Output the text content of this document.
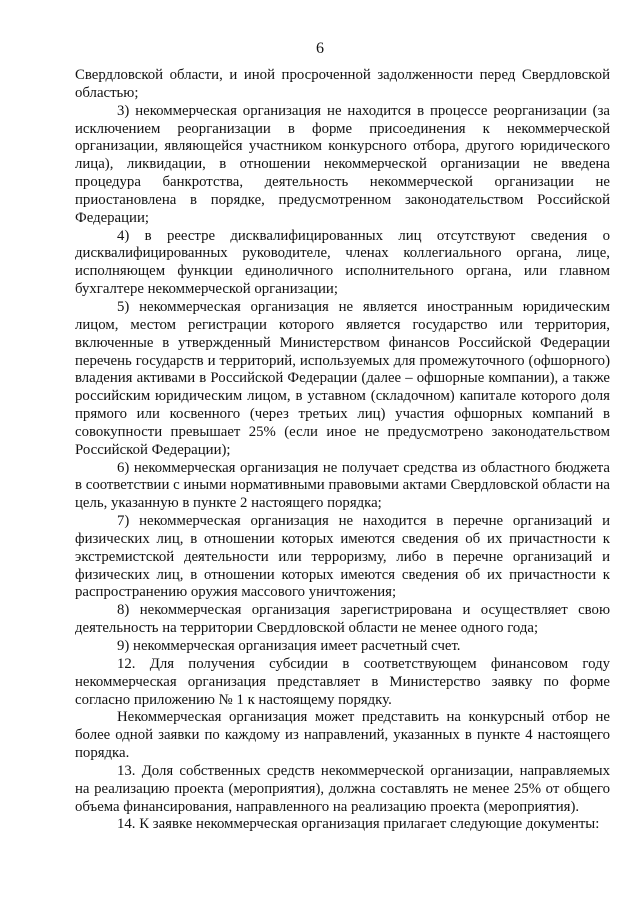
6

Свердловской области, и иной просроченной задолженности перед Свердловской областью;

3) некоммерческая организация не находится в процессе реорганизации (за исключением реорганизации в форме присоединения к некоммерческой организации, являющейся участником конкурсного отбора, другого юридического лица), ликвидации, в отношении некоммерческой организации не введена процедура банкротства, деятельность некоммерческой организации не приостановлена в порядке, предусмотренном законодательством Российской Федерации;

4) в реестре дисквалифицированных лиц отсутствуют сведения о дисквалифицированных руководителе, членах коллегиального органа, лице, исполняющем функции единоличного исполнительного органа, или главном бухгалтере некоммерческой организации;

5) некоммерческая организация не является иностранным юридическим лицом, местом регистрации которого является государство или территория, включенные в утвержденный Министерством финансов Российской Федерации перечень государств и территорий, используемых для промежуточного (офшорного) владения активами в Российской Федерации (далее – офшорные компании), а также российским юридическим лицом, в уставном (складочном) капитале которого доля прямого или косвенного (через третьих лиц) участия офшорных компаний в совокупности превышает 25% (если иное не предусмотрено законодательством Российской Федерации);

6) некоммерческая организация не получает средства из областного бюджета в соответствии с иными нормативными правовыми актами Свердловской области на цель, указанную в пункте 2 настоящего порядка;

7) некоммерческая организация не находится в перечне организаций и физических лиц, в отношении которых имеются сведения об их причастности к экстремистской деятельности или терроризму, либо в перечне организаций и физических лиц, в отношении которых имеются сведения об их причастности к распространению оружия массового уничтожения;

8) некоммерческая организация зарегистрирована и осуществляет свою деятельность на территории Свердловской области не менее одного года;

9) некоммерческая организация имеет расчетный счет.

12. Для получения субсидии в соответствующем финансовом году некоммерческая организация представляет в Министерство заявку по форме согласно приложению № 1 к настоящему порядку.

Некоммерческая организация может представить на конкурсный отбор не более одной заявки по каждому из направлений, указанных в пункте 4 настоящего порядка.

13. Доля собственных средств некоммерческой организации, направляемых на реализацию проекта (мероприятия), должна составлять не менее 25% от общего объема финансирования, направленного на реализацию проекта (мероприятия).

14. К заявке некоммерческая организация прилагает следующие документы:
